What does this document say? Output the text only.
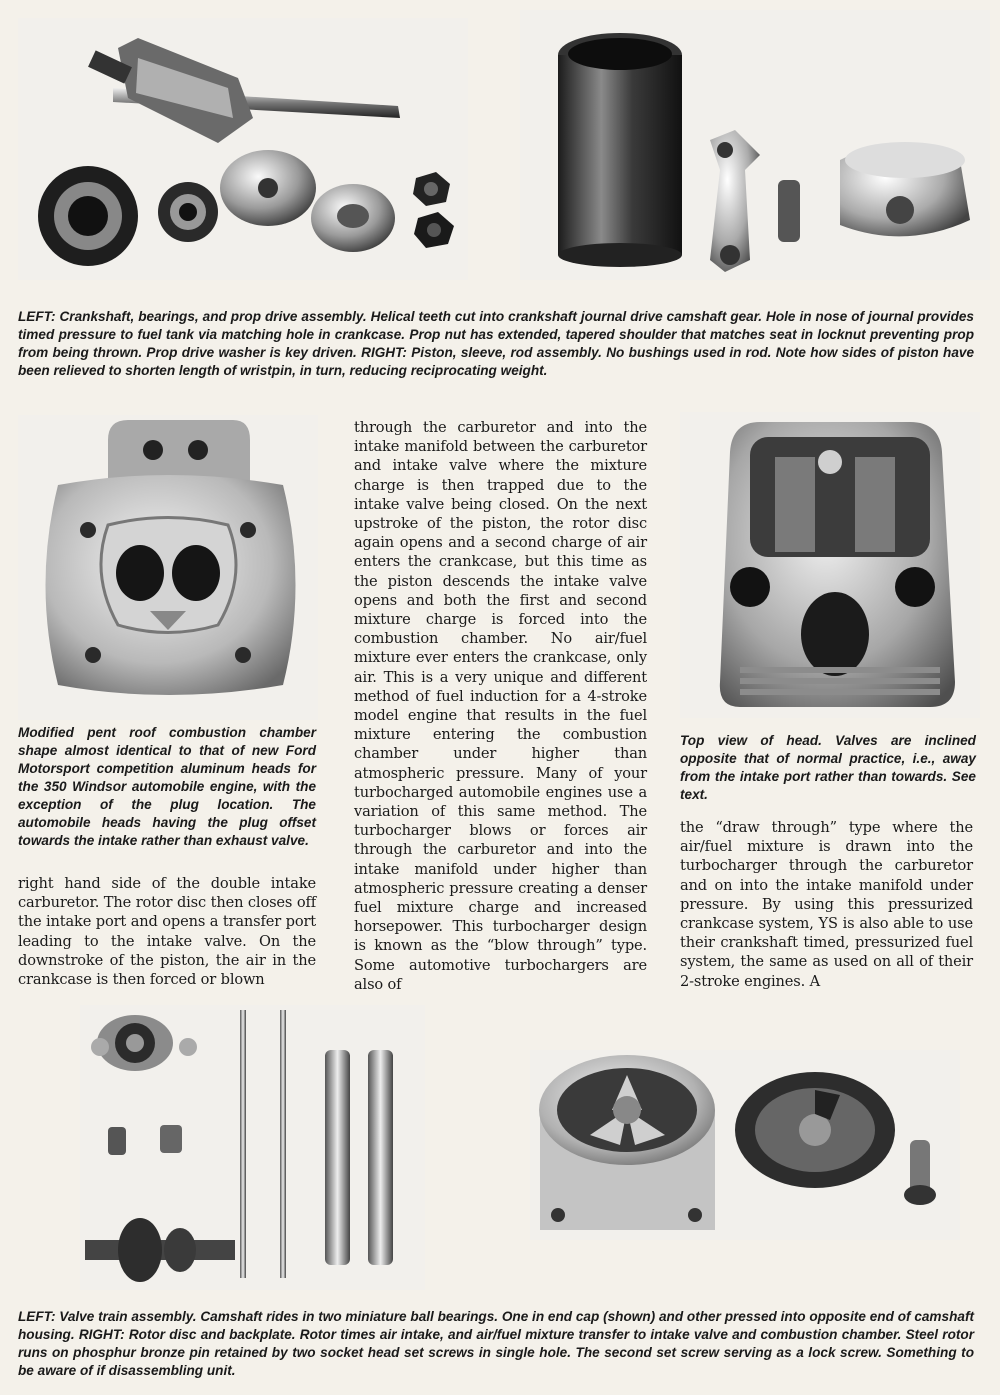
LEFT: Crankshaft, bearings, and prop drive assembly. Helical teeth cut into crankshaft journal drive camshaft gear. Hole in nose of journal provides timed pressure to fuel tank via matching hole in crankcase. Prop nut has extended, tapered shoulder that matches seat in locknut preventing prop from being thrown. Prop drive washer is key driven. RIGHT: Piston, sleeve, rod assembly. No bushings used in rod. Note how sides of piston have been relieved to shorten length of wristpin, in turn, reducing reciprocating weight.

Modified pent roof combustion chamber shape almost identical to that of new Ford Motorsport competition aluminum heads for the 350 Windsor automobile engine, with the exception of the plug location. The automobile heads having the plug offset towards the intake rather than exhaust valve.

right hand side of the double intake carburetor. The rotor disc then closes off the intake port and opens a transfer port leading to the intake valve. On the downstroke of the piston, the air in the crankcase is then forced or blown

through the carburetor and into the intake manifold between the carburetor and intake valve where the mixture charge is then trapped due to the intake valve being closed. On the next upstroke of the piston, the rotor disc again opens and a second charge of air enters the crankcase, but this time as the piston descends the intake valve opens and both the first and second mixture charge is forced into the combustion chamber. No air/fuel mixture ever enters the crankcase, only air. This is a very unique and different method of fuel induction for a 4-stroke model engine that results in the fuel mixture entering the combustion chamber under higher than atmospheric pressure. Many of your turbocharged automobile engines use a variation of this same method. The turbocharger blows or forces air through the carburetor and into the intake manifold under higher than atmospheric pressure creating a denser fuel mixture charge and increased horsepower. This turbocharger design is known as the “blow through” type. Some automotive turbochargers are also of

Top view of head. Valves are inclined opposite that of normal practice, i.e., away from the intake port rather than towards. See text.

the “draw through” type where the air/fuel mixture is drawn into the turbocharger through the carburetor and on into the intake manifold under pressure. By using this pressurized crankcase system, YS is also able to use their crankshaft timed, pressurized fuel system, the same as used on all of their 2-stroke engines. A

LEFT: Valve train assembly. Camshaft rides in two miniature ball bearings. One in end cap (shown) and other pressed into opposite end of camshaft housing. RIGHT: Rotor disc and backplate. Rotor times air intake, and air/fuel mixture transfer to intake valve and combustion chamber. Steel rotor runs on phosphur bronze pin retained by two socket head set screws in single hole. The second set screw serving as a lock screw. Something to be aware of if disassembling unit.
